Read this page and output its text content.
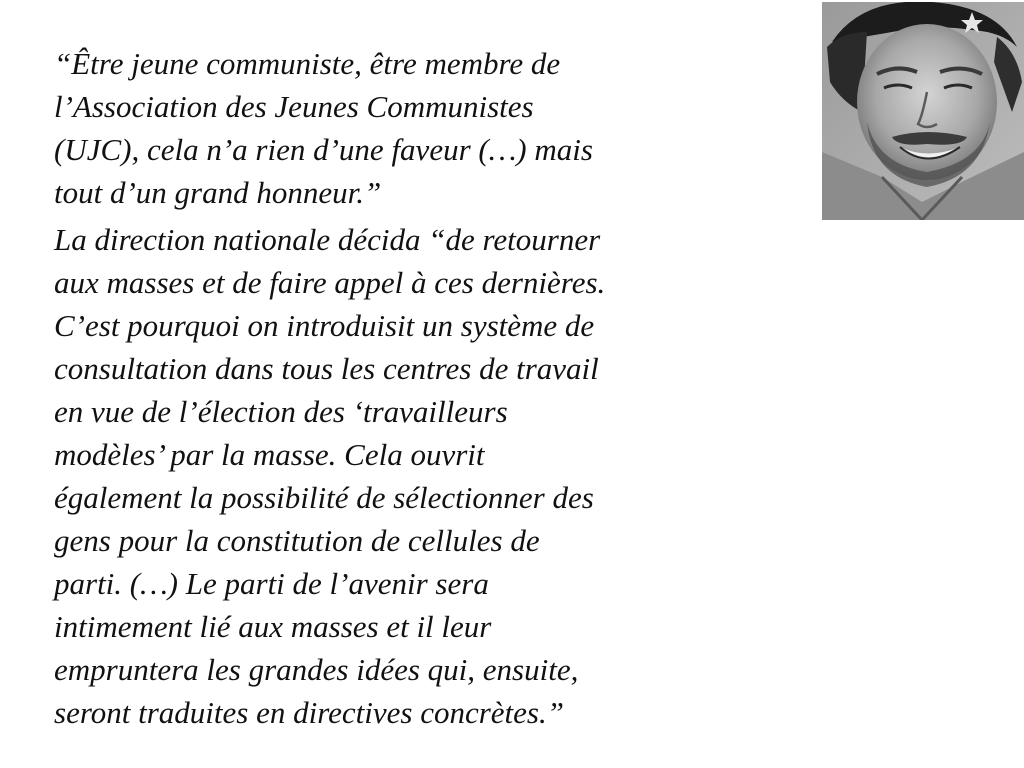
“Être jeune communiste, être membre de
l’Association des Jeunes Communistes
(UJC), cela n’a rien d’une faveur (…) mais
tout d’un grand honneur.”

La direction nationale décida “de retourner
aux masses et de faire appel à ces dernières.
C’est pourquoi on introduisit un système de
consultation dans tous les centres de travail
en vue de l’élection des ‘travailleurs
modèles’ par la masse. Cela ouvrit
également la possibilité de sélectionner des
gens pour la constitution de cellules de
parti. (…) Le parti de l’avenir sera
intimement lié aux masses et il leur
empruntera les grandes idées qui, ensuite,
seront traduites en directives concrètes.”
